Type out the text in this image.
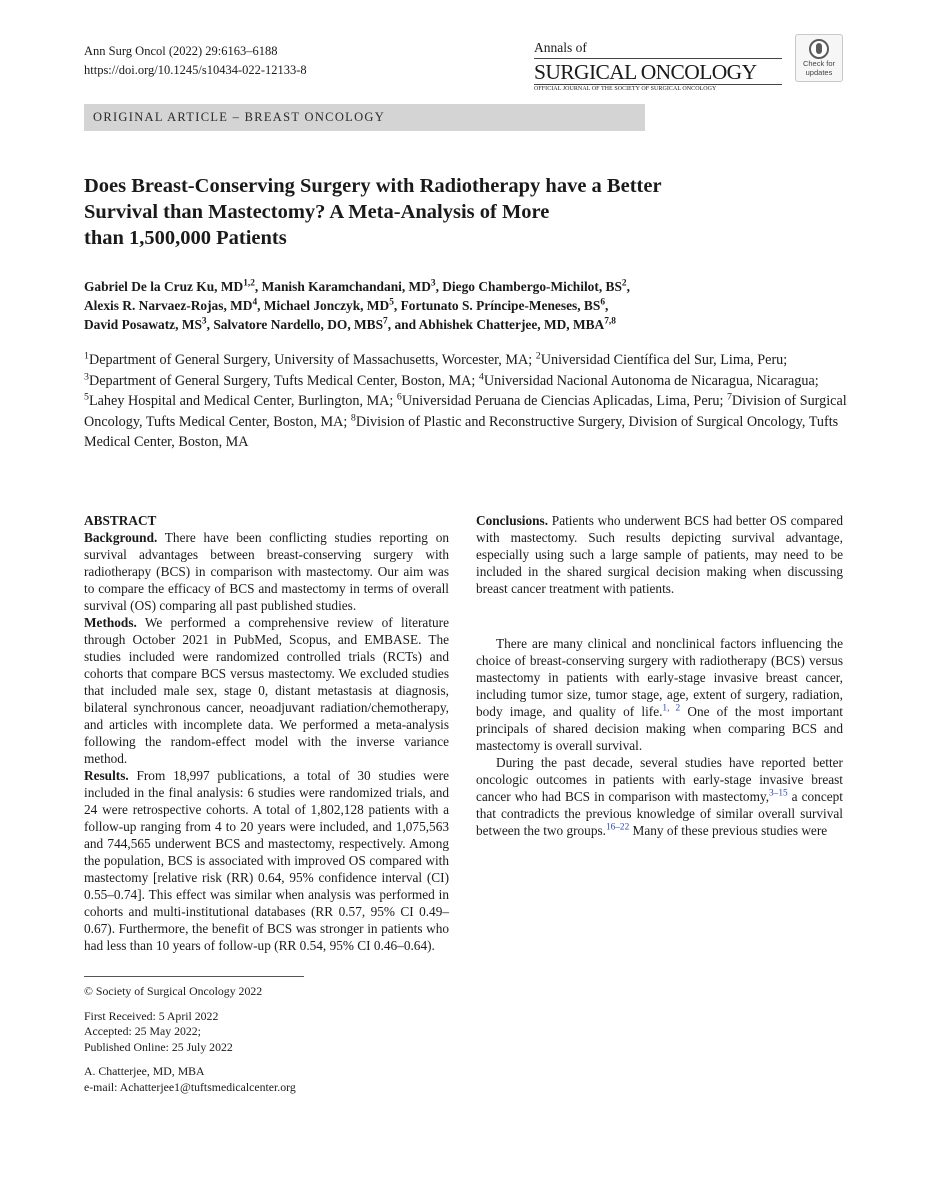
Ann Surg Oncol (2022) 29:6163–6188
https://doi.org/10.1245/s10434-022-12133-8
Annals of
SURGICAL ONCOLOGY
OFFICIAL JOURNAL OF THE SOCIETY OF SURGICAL ONCOLOGY
Check for
updates
ORIGINAL ARTICLE – BREAST ONCOLOGY
Does Breast-Conserving Surgery with Radiotherapy have a Better
Survival than Mastectomy? A Meta-Analysis of More
than 1,500,000 Patients
Gabriel De la Cruz Ku, MD$^{1,2}$, Manish Karamchandani, $MD^3$, Diego Chambergo-Michilot, $BS^2$,
Alexis R. Narvaez-Rojas, $MD^4$, Michael Jonczyk, $MD^5$, Fortunato S. Príncipe-Meneses, $BS^6$,
David Posawatz, $MS^3$, Salvatore Nardello, DO, MBS$^7$, and Abhishek Chatterjee, MD, MBA$^{7,8}$
$^1$Department of General Surgery, University of Massachusetts, Worcester, MA; $^2$Universidad Científica del Sur, Lima, Peru; $^3$Department of General Surgery, Tufts Medical Center, Boston, MA; $^4$Universidad Nacional Autonoma de Nicaragua, Nicaragua; $^5$Lahey Hospital and Medical Center, Burlington, MA; $^6$Universidad Peruana de Ciencias Aplicadas, Lima, Peru; $^7$Division of Surgical Oncology, Tufts Medical Center, Boston, MA; $^8$Division of Plastic and Reconstructive Surgery, Division of Surgical Oncology, Tufts Medical Center, Boston, MA
ABSTRACT
Background. There have been conflicting studies reporting on survival advantages between breast-conserving surgery with radiotherapy (BCS) in comparison with mastectomy. Our aim was to compare the efficacy of BCS and mastectomy in terms of overall survival (OS) comparing all past published studies.
Methods. We performed a comprehensive review of literature through October 2021 in PubMed, Scopus, and EMBASE. The studies included were randomized controlled trials (RCTs) and cohorts that compare BCS versus mastectomy. We excluded studies that included male sex, stage 0, distant metastasis at diagnosis, bilateral synchronous cancer, neoadjuvant radiation/chemotherapy, and articles with incomplete data. We performed a meta-analysis following the random-effect model with the inverse variance method.
Results. From 18,997 publications, a total of 30 studies were included in the final analysis: 6 studies were randomized trials, and 24 were retrospective cohorts. A total of 1,802,128 patients with a follow-up ranging from 4 to 20 years were included, and 1,075,563 and 744,565 underwent BCS and mastectomy, respectively. Among the population, BCS is associated with improved OS compared with mastectomy [relative risk (RR) 0.64, 95% confidence interval (CI) 0.55–0.74]. This effect was similar when analysis was performed in cohorts and multi-institutional databases (RR 0.57, 95% CI 0.49–0.67). Furthermore, the benefit of BCS was stronger in patients who had less than 10 years of follow-up (RR 0.54, 95% CI 0.46–0.64).
Conclusions. Patients who underwent BCS had better OS compared with mastectomy. Such results depicting survival advantage, especially using such a large sample of patients, may need to be included in the shared surgical decision making when discussing breast cancer treatment with patients.

There are many clinical and nonclinical factors influencing the choice of breast-conserving surgery with radiotherapy (BCS) versus mastectomy in patients with early-stage invasive breast cancer, including tumor size, tumor stage, age, extent of surgery, radiation, body image, and quality of life.$^{1, 2}$ One of the most important principals of shared decision making when comparing BCS and mastectomy is overall survival.

During the past decade, several studies have reported better oncologic outcomes in patients with early-stage invasive breast cancer who had BCS in comparison with mastectomy,$^{3-15}$ a concept that contradicts the previous knowledge of similar overall survival between the two groups.$^{16-22}$ Many of these previous studies were

© Society of Surgical Oncology 2022
First Received: 5 April 2022
Accepted: 25 May 2022;
Published Online: 25 July 2022
A. Chatterjee, MD, MBA
e-mail: Achatterjee1@tuftsmedicalcenter.org
